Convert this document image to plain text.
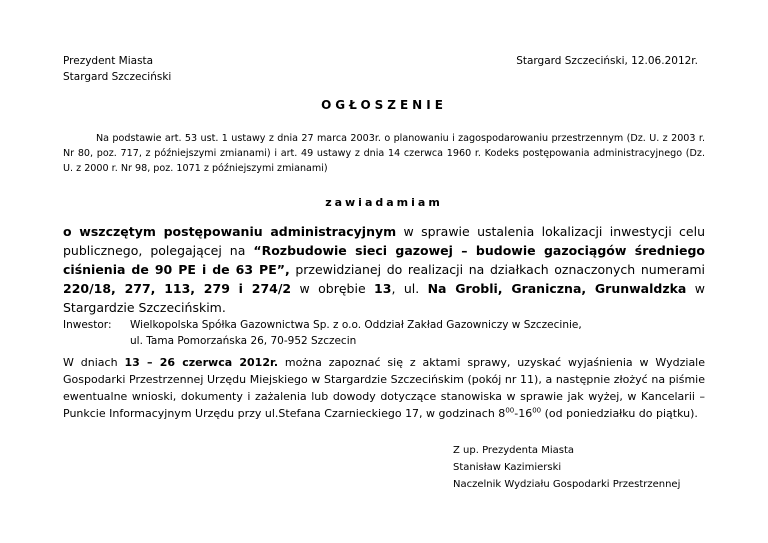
Prezydent Miasta
Stargard Szczeciński
Stargard Szczeciński, 12.06.2012r.
OGŁOSZENIE
Na podstawie art. 53 ust. 1 ustawy z dnia 27 marca 2003r. o planowaniu i zagospodarowaniu przestrzennym (Dz. U. z 2003 r. Nr 80, poz. 717, z późniejszymi zmianami) i art. 49 ustawy z dnia 14 czerwca 1960 r. Kodeks postępowania administracyjnego (Dz. U. z 2000 r. Nr 98, poz. 1071 z późniejszymi zmianami)
zawiadamiam
o wszczętym postępowaniu administracyjnym w sprawie ustalenia lokalizacji inwestycji celu publicznego, polegającej na “Rozbudowie sieci gazowej – budowie gazociągów średniego ciśnienia de 90 PE i de 63 PE”, przewidzianej do realizacji na działkach oznaczonych numerami 220/18, 277, 113, 279 i 274/2 w obrębie 13, ul. Na Grobli, Graniczna, Grunwaldzka w Stargardzie Szczecińskim.
Inwestor: Wielkopolska Spółka Gazownictwa Sp. z o.o. Oddział Zakład Gazowniczy w Szczecinie,
ul. Tama Pomorzańska 26, 70-952 Szczecin
W dniach 13 – 26 czerwca 2012r. można zapoznać się z aktami sprawy, uzyskać wyjaśnienia w Wydziale Gospodarki Przestrzennej Urzędu Miejskiego w Stargardzie Szczecińskim (pokój nr 11), a następnie złożyć na piśmie ewentualne wnioski, dokumenty i zażalenia lub dowody dotyczące stanowiska w sprawie jak wyżej, w Kancelarii – Punkcie Informacyjnym Urzędu przy ul.Stefana Czarnieckiego 17, w godzinach $8^{00}-16^{00}$ (od poniedziałku do piątku).
Z up. Prezydenta Miasta
Stanisław Kazimierski
Naczelnik Wydziału Gospodarki Przestrzennej
